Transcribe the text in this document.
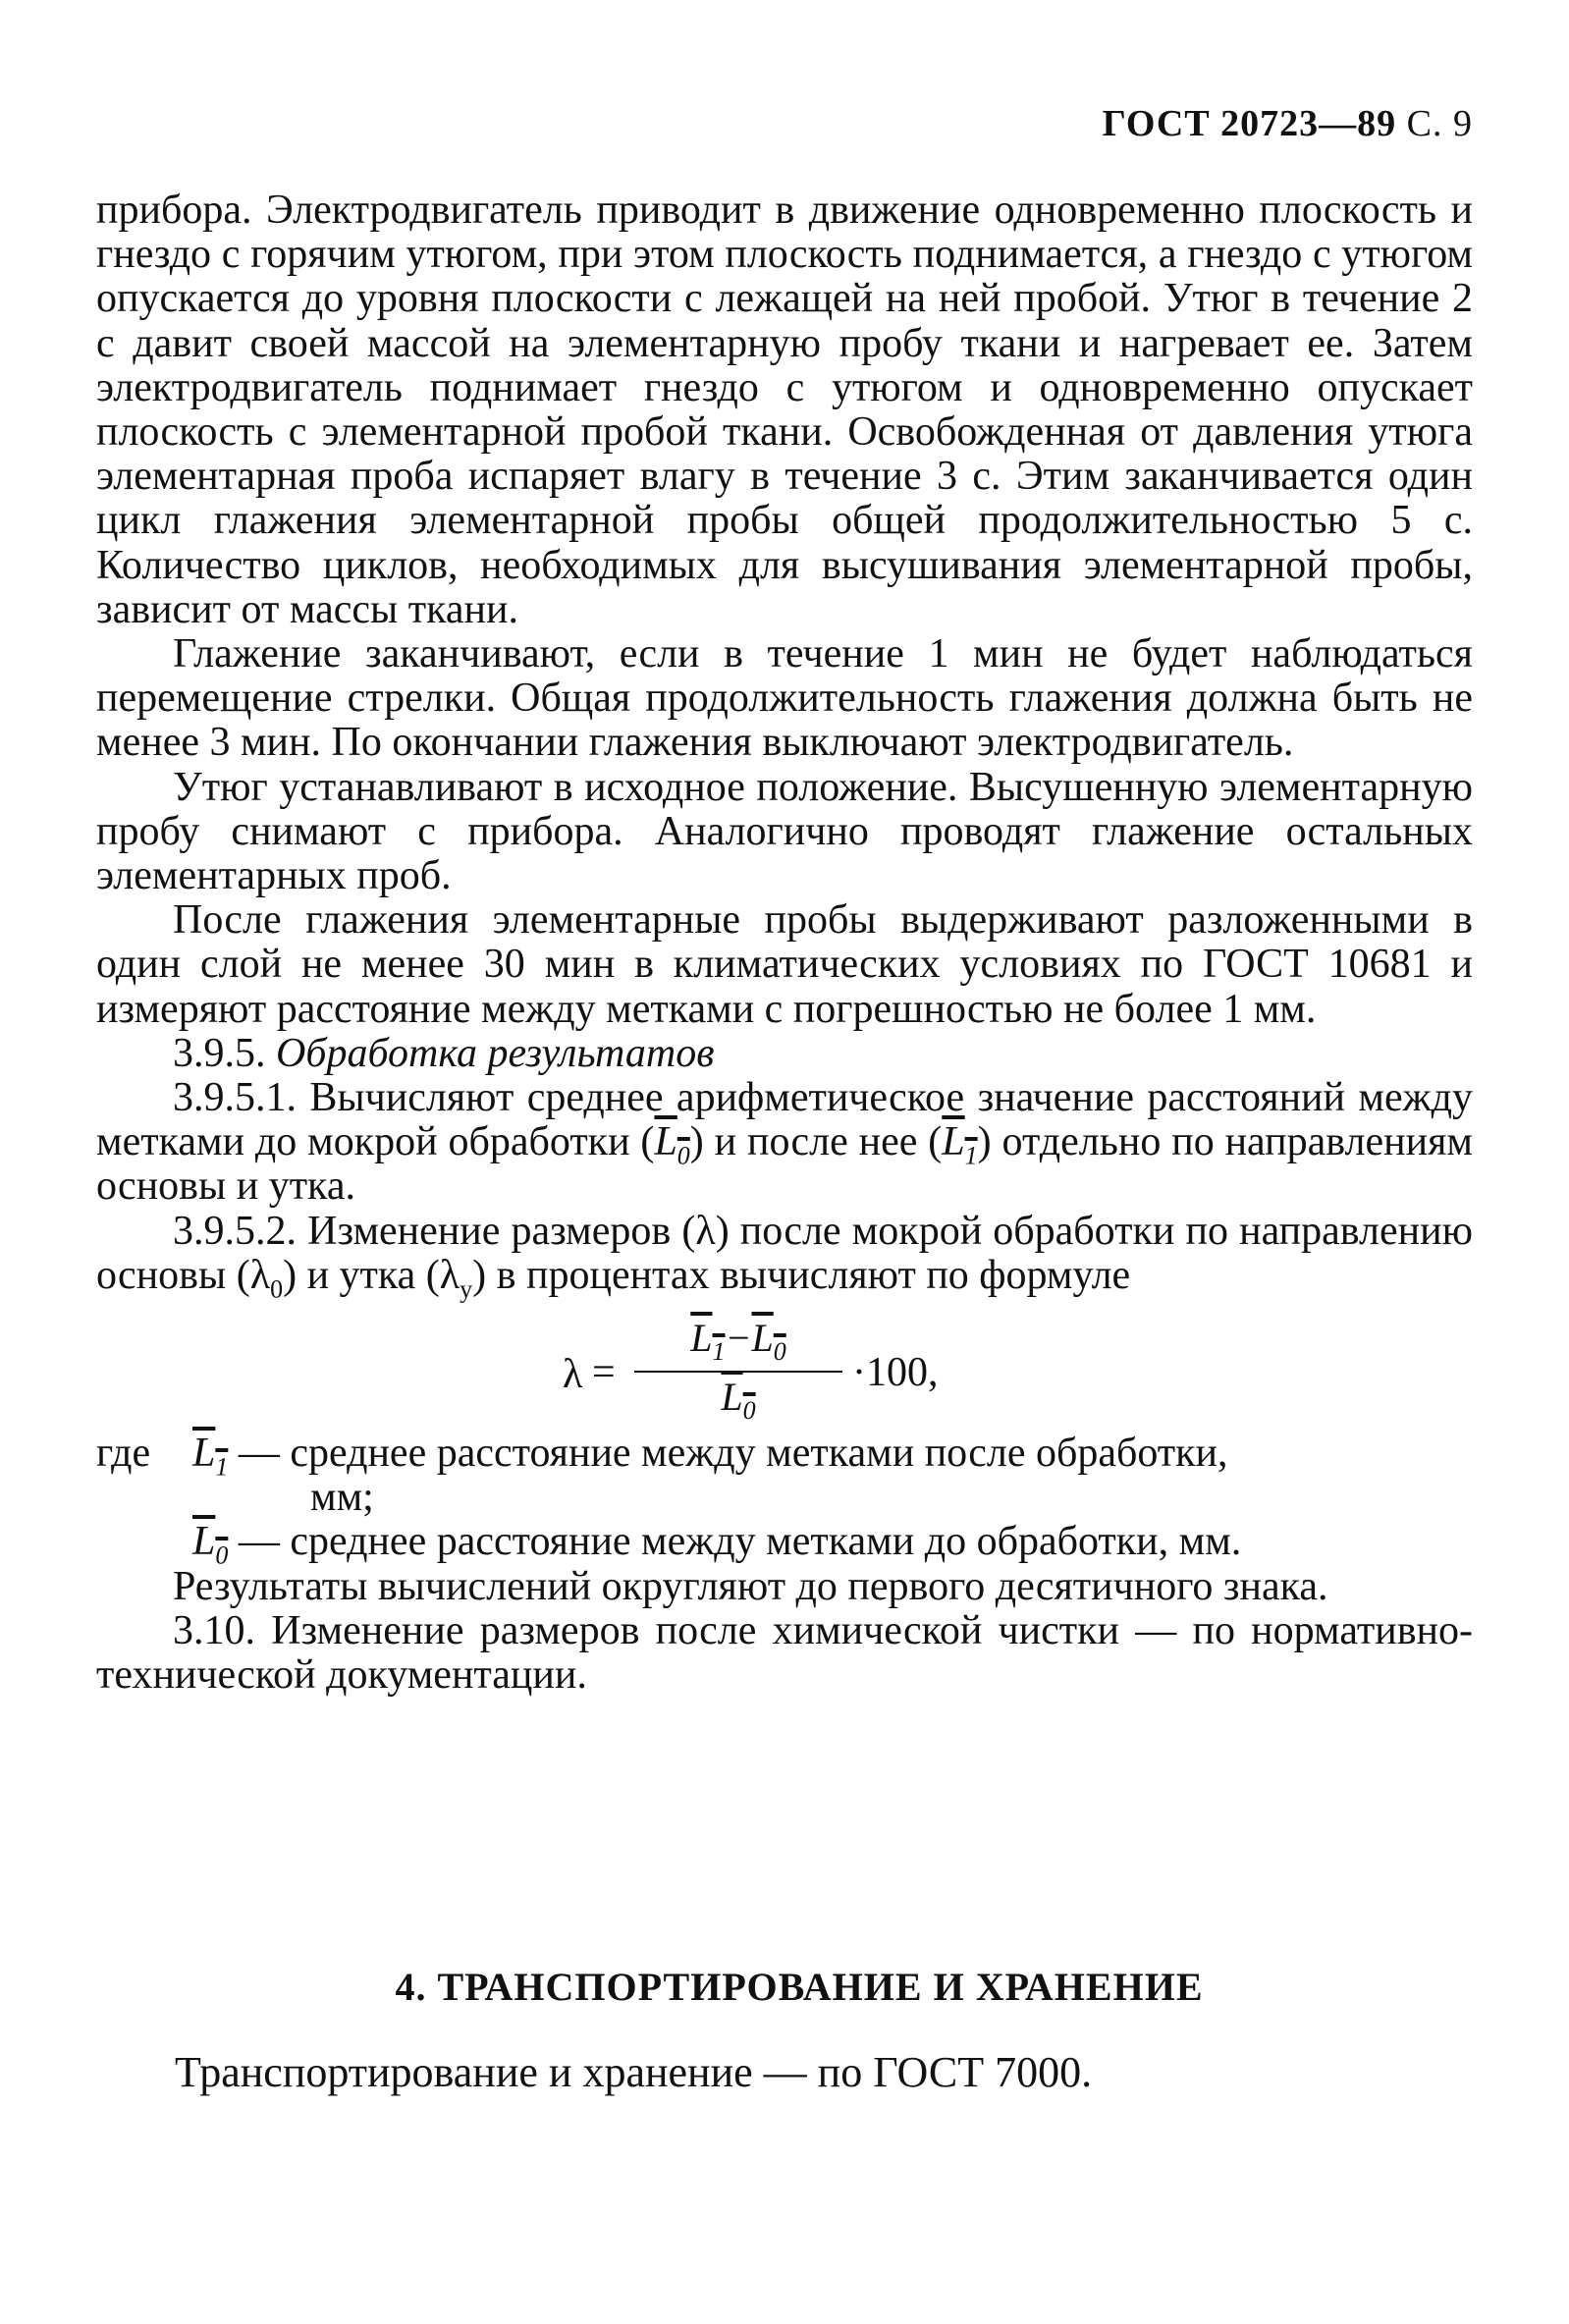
ГОСТ 20723—89 С. 9

прибора. Электродвигатель приводит в движение одновременно плоскость и гнездо с горячим утюгом, при этом плоскость поднимается, а гнездо с утюгом опускается до уровня плоскости с лежащей на ней пробой. Утюг в течение 2 с давит своей массой на элементарную пробу ткани и нагревает ее. Затем электродвигатель поднимает гнездо с утюгом и одновременно опускает плоскость с элементарной пробой ткани. Освобожденная от давления утюга элементарная проба испаряет влагу в течение 3 с. Этим заканчивается один цикл глажения элементарной пробы общей продолжительностью 5 с. Количество циклов, необходимых для высушивания элементарной пробы, зависит от массы ткани.

Глажение заканчивают, если в течение 1 мин не будет наблюдаться перемещение стрелки. Общая продолжительность глажения должна быть не менее 3 мин. По окончании глажения выключают электродвигатель.

Утюг устанавливают в исходное положение. Высушенную элементарную пробу снимают с прибора. Аналогично проводят глажение остальных элементарных проб.

После глажения элементарные пробы выдерживают разложенными в один слой не менее 30 мин в климатических условиях по ГОСТ 10681 и измеряют расстояние между метками с погрешностью не более 1 мм.

3.9.5. Обработка результатов

3.9.5.1. Вычисляют среднее арифметическое значение расстояний между метками до мокрой обработки $(L_0)$ и после нее $(L_1)$ отдельно по направлениям основы и утка.

3.9.5.2. Изменение размеров (λ) после мокрой обработки по направлению основы $(\lambda_0)$ и утка $(\lambda_у)$ в процентах вычисляют по формуле

λ =
$L_1-L_0$
$L_0$
·100,
где	$L_1$ — среднее расстояние между метками после обработки,
мм;
$L_0$ — среднее расстояние между метками до обработки, мм.

Результаты вычислений округляют до первого десятичного знака.

3.10. Изменение размеров после химической чистки — по нормативно-технической документации.

4. ТРАНСПОРТИРОВАНИЕ И ХРАНЕНИЕ
Транспортирование и хранение — по ГОСТ 7000.
